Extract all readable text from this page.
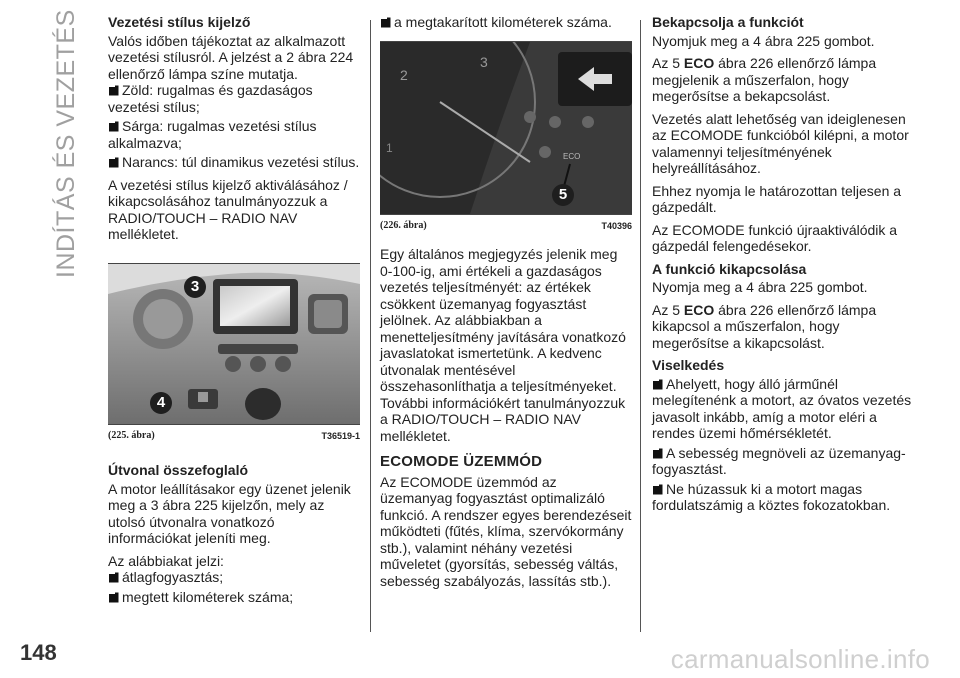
INDÍTÁS ÉS VEZETÉS Vezetési stílus kijelző

Valós időben tájékoztat az alkalmazott vezetési stílusról. A jelzést a 2 ábra 224 ellenőrző lámpa színe mutatja.

Zöld: rugalmas és gazdaságos vezetési stílus;
Sárga: rugalmas vezetési stílus alkalmazva;
Narancs: túl dinamikus vezetési stílus.

A vezetési stílus kijelző aktiválásához / kikapcsolásához tanulmányozzuk a RADIO/TOUCH – RADIO NAV mellékletet.

3
4
(225. ábra)	T36519-1
Útvonal összefoglaló

A motor leállításakor egy üzenet jelenik meg a 3 ábra 225 kijelzőn, mely az utolsó útvonalra vonatkozó információkat jeleníti meg.

Az alábbiakat jelzi:

átlagfogyasztás;
megtett kilométerek száma;
a megtakarított kilométerek száma.
2
3
1
ECO
5
(226. ábra)	T40396

Egy általános megjegyzés jelenik meg 0-100-ig, ami értékeli a gazdaságos vezetés teljesítményét: az értékek csökkent üzemanyag fogyasztást jelölnek. Az alábbiakban a menetteljesítmény javítására vonatkozó javaslatokat ismertetünk. A kedvenc útvonalak mentésével összehasonlíthatja a teljesítményeket. További információkért tanulmányozzuk a RADIO/TOUCH – RADIO NAV mellékletet.

ECOMODE ÜZEMMÓD

Az ECOMODE üzemmód az üzemanyag fogyasztást optimalizáló funkció. A rendszer egyes berendezéseit működteti (fűtés, klíma, szervókormány stb.), valamint néhány vezetési műveletet (gyorsítás, sebesség váltás, sebesség szabályozás, lassítás stb.).

Bekapcsolja a funkciót

Nyomjuk meg a 4 ábra 225 gombot.

Az 5 ECO ábra 226 ellenőrző lámpa megjelenik a műszerfalon, hogy megerősítse a bekapcsolást.

Vezetés alatt lehetőség van ideiglenesen az ECOMODE funkcióból kilépni, a motor valamennyi teljesítményének helyreállításához.

Ehhez nyomja le határozottan teljesen a gázpedált.

Az ECOMODE funkció újraaktiválódik a gázpedál felengedésekor.

A funkció kikapcsolása

Nyomja meg a 4 ábra 225 gombot.

Az 5 ECO ábra 226 ellenőrző lámpa kikapcsol a műszerfalon, hogy megerősítse a kikapcsolást.

Viselkedés
Ahelyett, hogy álló járműnél melegítenénk a motort, az óvatos vezetés javasolt inkább, amíg a motor eléri a rendes üzemi hőmérsékletét.
A sebesség megnöveli az üzemanyag-fogyasztást.
Ne húzassuk ki a motort magas fordulatszámig a köztes fokozatokban.
148	carmanualsonline.info
